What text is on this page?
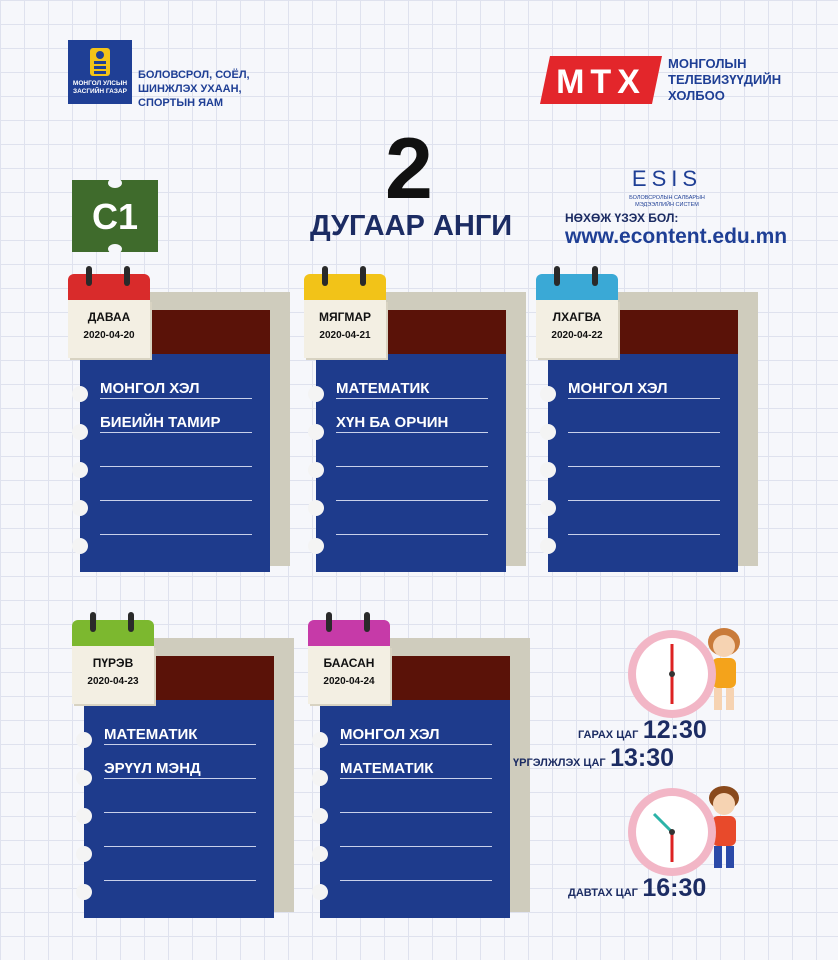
МОНГОЛ УЛСЫН ЗАСГИЙН ГАЗАР
БОЛОВСРОЛ, СОЁЛ, ШИНЖЛЭХ УХААН, СПОРТЫН ЯАМ
МТХ МОНГОЛЫН ТЕЛЕВИЗҮҮДИЙН ХОЛБОО
2
ДУГААР АНГИ
С1
ESIS
БОЛОВСРОЛЫН САЛБАРЫН МЭДЭЭЛЛИЙН СИСТЕМ
НӨХӨЖ ҮЗЭХ БОЛ:
www.econtent.edu.mn
МОНГОЛ ХЭЛ
БИЕИЙН ТАМИР
ДАВАА
2020-04-20
МАТЕМАТИК
ХҮН БА ОРЧИН
МЯГМАР
2020-04-21
МОНГОЛ ХЭЛ
ЛХАГВА
2020-04-22
МАТЕМАТИК
ЭРҮҮЛ МЭНД
ПҮРЭВ
2020-04-23
МОНГОЛ ХЭЛ
МАТЕМАТИК
БААСАН
2020-04-24
ГАРАХ ЦАГ 12:30
ҮРГЭЛЖЛЭХ ЦАГ 13:30
ДАВТАХ ЦАГ 16:30
